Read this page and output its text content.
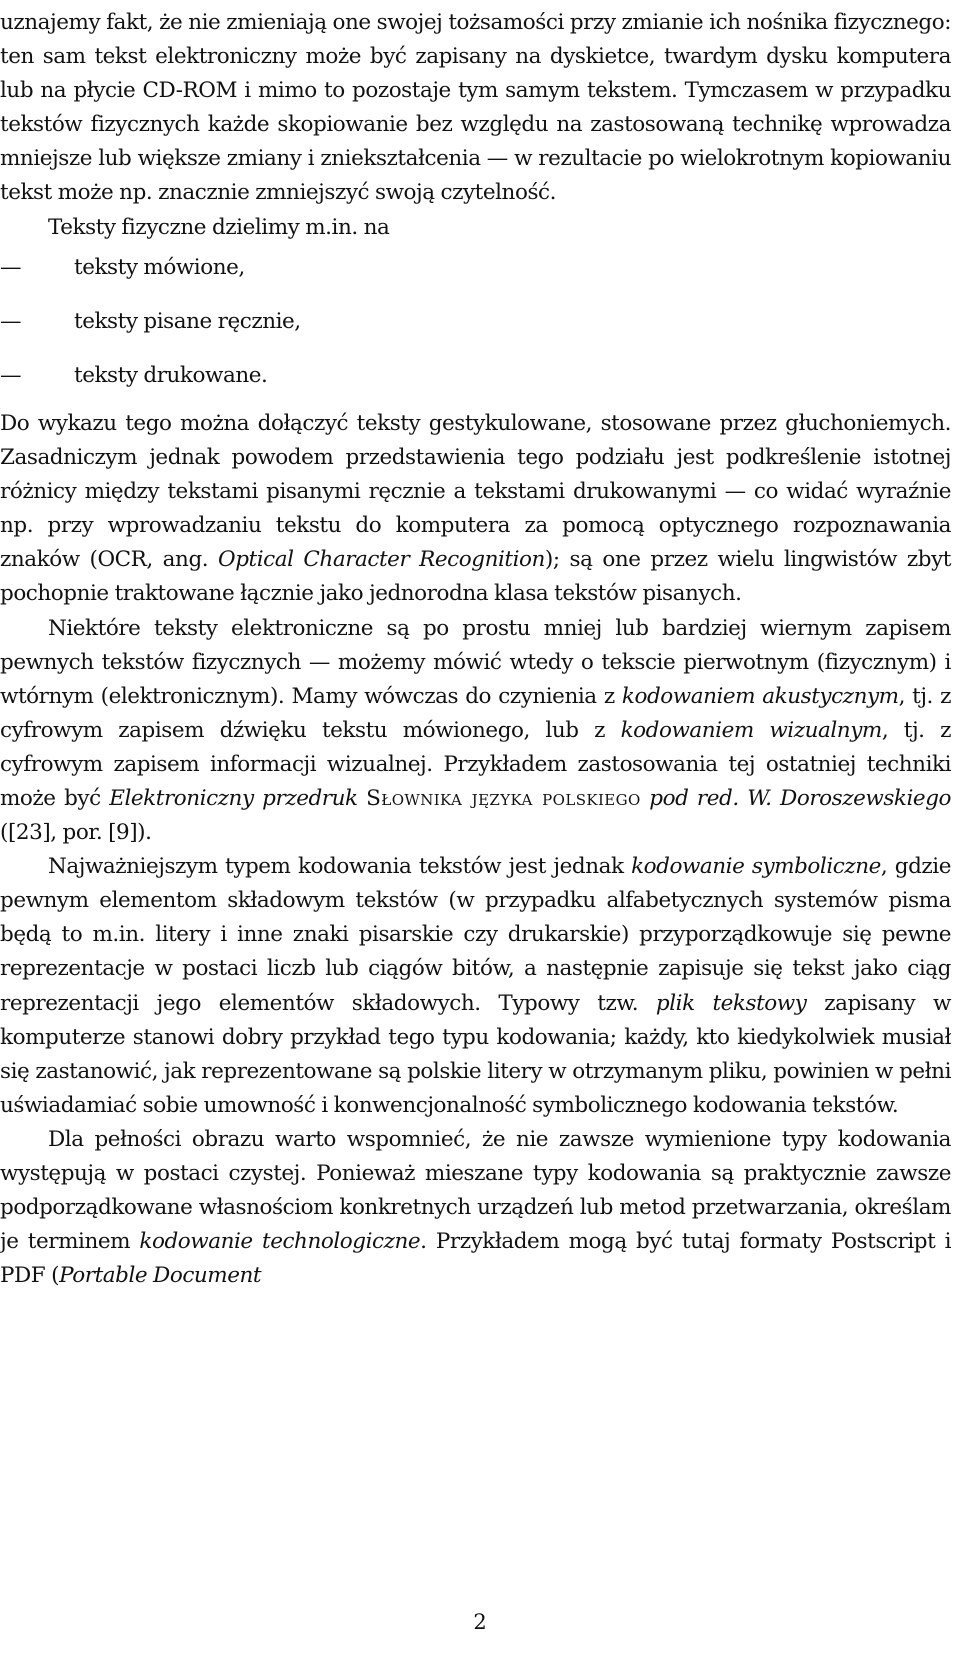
uznajemy fakt, że nie zmieniają one swojej tożsamości przy zmianie ich nośnika fizycznego: ten sam tekst elektroniczny może być zapisany na dyskietce, twardym dysku komputera lub na płycie CD-ROM i mimo to pozostaje tym samym tekstem. Tymczasem w przypadku tekstów fizycznych każde skopiowanie bez względu na zastosowaną technikę wprowadza mniejsze lub większe zmiany i zniekształcenia — w rezultacie po wielokrotnym kopiowaniu tekst może np. znacznie zmniejszyć swoją czytelność.

Teksty fizyczne dzielimy m.in. na

—	teksty mówione,
—	teksty pisane ręcznie,
—	teksty drukowane.

Do wykazu tego można dołączyć teksty gestykulowane, stosowane przez głuchoniemych. Zasadniczym jednak powodem przedstawienia tego podziału jest podkreślenie istotnej różnicy między tekstami pisanymi ręcznie a tekstami drukowanymi — co widać wyraźnie np. przy wprowadzaniu tekstu do komputera za pomocą optycznego rozpoznawania znaków (OCR, ang. Optical Character Recognition); są one przez wielu lingwistów zbyt pochopnie traktowane łącznie jako jednorodna klasa tekstów pisanych.

Niektóre teksty elektroniczne są po prostu mniej lub bardziej wiernym zapisem pewnych tekstów fizycznych — możemy mówić wtedy o tekscie pierwotnym (fizycznym) i wtórnym (elektronicznym). Mamy wówczas do czynienia z kodowaniem akustycznym, tj. z cyfrowym zapisem dźwięku tekstu mówionego, lub z kodowaniem wizualnym, tj. z cyfrowym zapisem informacji wizualnej. Przykładem zastosowania tej ostatniej techniki może być Elektroniczny przedruk Słownika języka polskiego pod red. W. Doroszewskiego ([23], por. [9]).

Najważniejszym typem kodowania tekstów jest jednak kodowanie symboliczne, gdzie pewnym elementom składowym tekstów (w przypadku alfabetycznych systemów pisma będą to m.in. litery i inne znaki pisarskie czy drukarskie) przyporządkowuje się pewne reprezentacje w postaci liczb lub ciągów bitów, a następnie zapisuje się tekst jako ciąg reprezentacji jego elementów składowych. Typowy tzw. plik tekstowy zapisany w komputerze stanowi dobry przykład tego typu kodowania; każdy, kto kiedykolwiek musiał się zastanowić, jak reprezentowane są polskie litery w otrzymanym pliku, powinien w pełni uświadamiać sobie umowność i konwencjonalność symbolicznego kodowania tekstów.

Dla pełności obrazu warto wspomnieć, że nie zawsze wymienione typy kodowania występują w postaci czystej. Ponieważ mieszane typy kodowania są praktycznie zawsze podporządkowane własnościom konkretnych urządzeń lub metod przetwarzania, określam je terminem kodowanie technologiczne. Przykładem mogą być tutaj formaty Postscript i PDF (Portable Document

2
